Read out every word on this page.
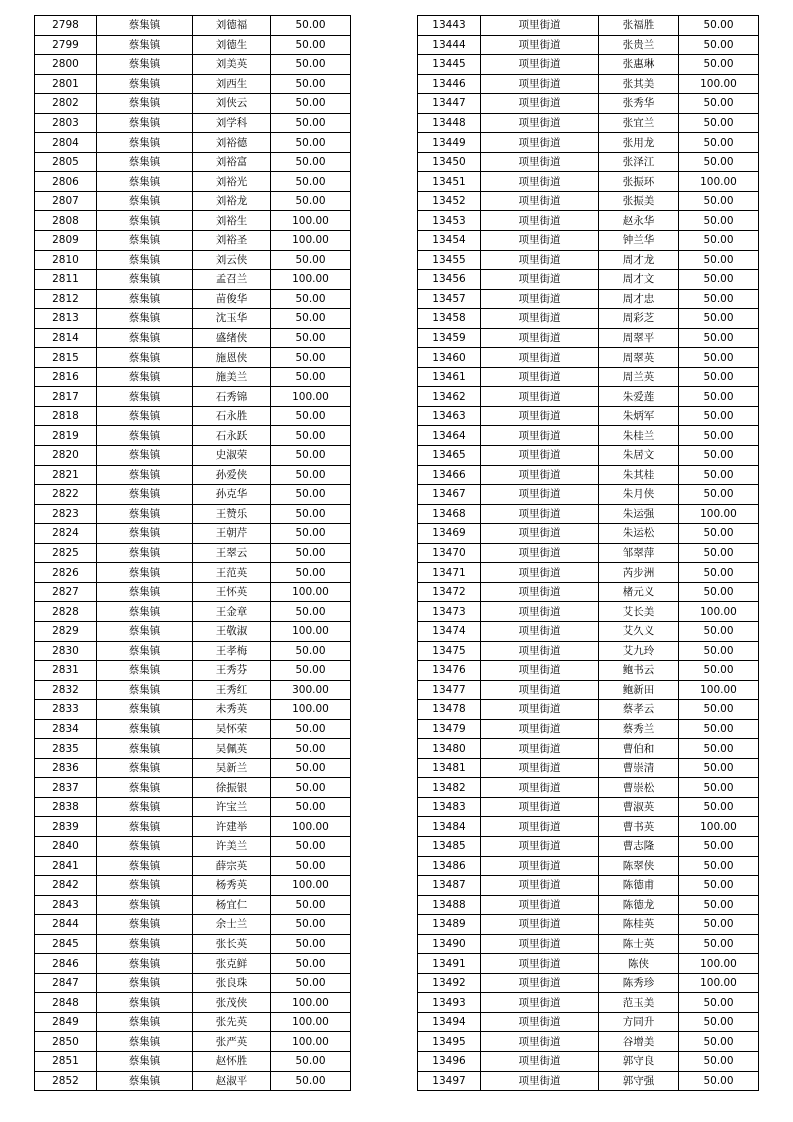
2798	蔡集镇	刘德福	50.00
2799	蔡集镇	刘德生	50.00
2800	蔡集镇	刘美英	50.00
2801	蔡集镇	刘西生	50.00
2802	蔡集镇	刘侠云	50.00
2803	蔡集镇	刘学科	50.00
2804	蔡集镇	刘裕德	50.00
2805	蔡集镇	刘裕富	50.00
2806	蔡集镇	刘裕光	50.00
2807	蔡集镇	刘裕龙	50.00
2808	蔡集镇	刘裕生	100.00
2809	蔡集镇	刘裕圣	100.00
2810	蔡集镇	刘云侠	50.00
2811	蔡集镇	孟召兰	100.00
2812	蔡集镇	苗俊华	50.00
2813	蔡集镇	沈玉华	50.00
2814	蔡集镇	盛绪侠	50.00
2815	蔡集镇	施恩侠	50.00
2816	蔡集镇	施美兰	50.00
2817	蔡集镇	石秀锦	100.00
2818	蔡集镇	石永胜	50.00
2819	蔡集镇	石永跃	50.00
2820	蔡集镇	史淑荣	50.00
2821	蔡集镇	孙爱侠	50.00
2822	蔡集镇	孙克华	50.00
2823	蔡集镇	王赞乐	50.00
2824	蔡集镇	王朝芹	50.00
2825	蔡集镇	王翠云	50.00
2826	蔡集镇	王范英	50.00
2827	蔡集镇	王怀英	100.00
2828	蔡集镇	王金章	50.00
2829	蔡集镇	王敬淑	100.00
2830	蔡集镇	王孝梅	50.00
2831	蔡集镇	王秀芬	50.00
2832	蔡集镇	王秀红	300.00
2833	蔡集镇	未秀英	100.00
2834	蔡集镇	吴怀荣	50.00
2835	蔡集镇	吴佩英	50.00
2836	蔡集镇	吴新兰	50.00
2837	蔡集镇	徐振银	50.00
2838	蔡集镇	许宝兰	50.00
2839	蔡集镇	许建举	100.00
2840	蔡集镇	许美兰	50.00
2841	蔡集镇	薛宗英	50.00
2842	蔡集镇	杨秀英	100.00
2843	蔡集镇	杨宜仁	50.00
2844	蔡集镇	余士兰	50.00
2845	蔡集镇	张长英	50.00
2846	蔡集镇	张克鲜	50.00
2847	蔡集镇	张良珠	50.00
2848	蔡集镇	张茂侠	100.00
2849	蔡集镇	张先英	100.00
2850	蔡集镇	张严英	100.00
2851	蔡集镇	赵怀胜	50.00
2852	蔡集镇	赵淑平	50.00
13443	项里街道	张福胜	50.00
13444	项里街道	张贵兰	50.00
13445	项里街道	张惠琳	50.00
13446	项里街道	张其美	100.00
13447	项里街道	张秀华	50.00
13448	项里街道	张宜兰	50.00
13449	项里街道	张用龙	50.00
13450	项里街道	张泽江	50.00
13451	项里街道	张振环	100.00
13452	项里街道	张振美	50.00
13453	项里街道	赵永华	50.00
13454	项里街道	钟兰华	50.00
13455	项里街道	周才龙	50.00
13456	项里街道	周才文	50.00
13457	项里街道	周才忠	50.00
13458	项里街道	周彩芝	50.00
13459	项里街道	周翠平	50.00
13460	项里街道	周翠英	50.00
13461	项里街道	周兰英	50.00
13462	项里街道	朱爱莲	50.00
13463	项里街道	朱炳军	50.00
13464	项里街道	朱桂兰	50.00
13465	项里街道	朱居文	50.00
13466	项里街道	朱其桂	50.00
13467	项里街道	朱月侠	50.00
13468	项里街道	朱运强	100.00
13469	项里街道	朱运松	50.00
13470	项里街道	邹翠萍	50.00
13471	项里街道	芮步洲	50.00
13472	项里街道	楮元义	50.00
13473	项里街道	艾长美	100.00
13474	项里街道	艾久义	50.00
13475	项里街道	艾九玲	50.00
13476	项里街道	鲍书云	50.00
13477	项里街道	鲍新田	100.00
13478	项里街道	蔡孝云	50.00
13479	项里街道	蔡秀兰	50.00
13480	项里街道	曹伯和	50.00
13481	项里街道	曹崇清	50.00
13482	项里街道	曹崇松	50.00
13483	项里街道	曹淑英	50.00
13484	项里街道	曹书英	100.00
13485	项里街道	曹志隆	50.00
13486	项里街道	陈翠侠	50.00
13487	项里街道	陈德甫	50.00
13488	项里街道	陈德龙	50.00
13489	项里街道	陈桂英	50.00
13490	项里街道	陈士英	50.00
13491	项里街道	陈侠	100.00
13492	项里街道	陈秀珍	100.00
13493	项里街道	范玉美	50.00
13494	项里街道	方同升	50.00
13495	项里街道	谷增美	50.00
13496	项里街道	郭守良	50.00
13497	项里街道	郭守强	50.00
